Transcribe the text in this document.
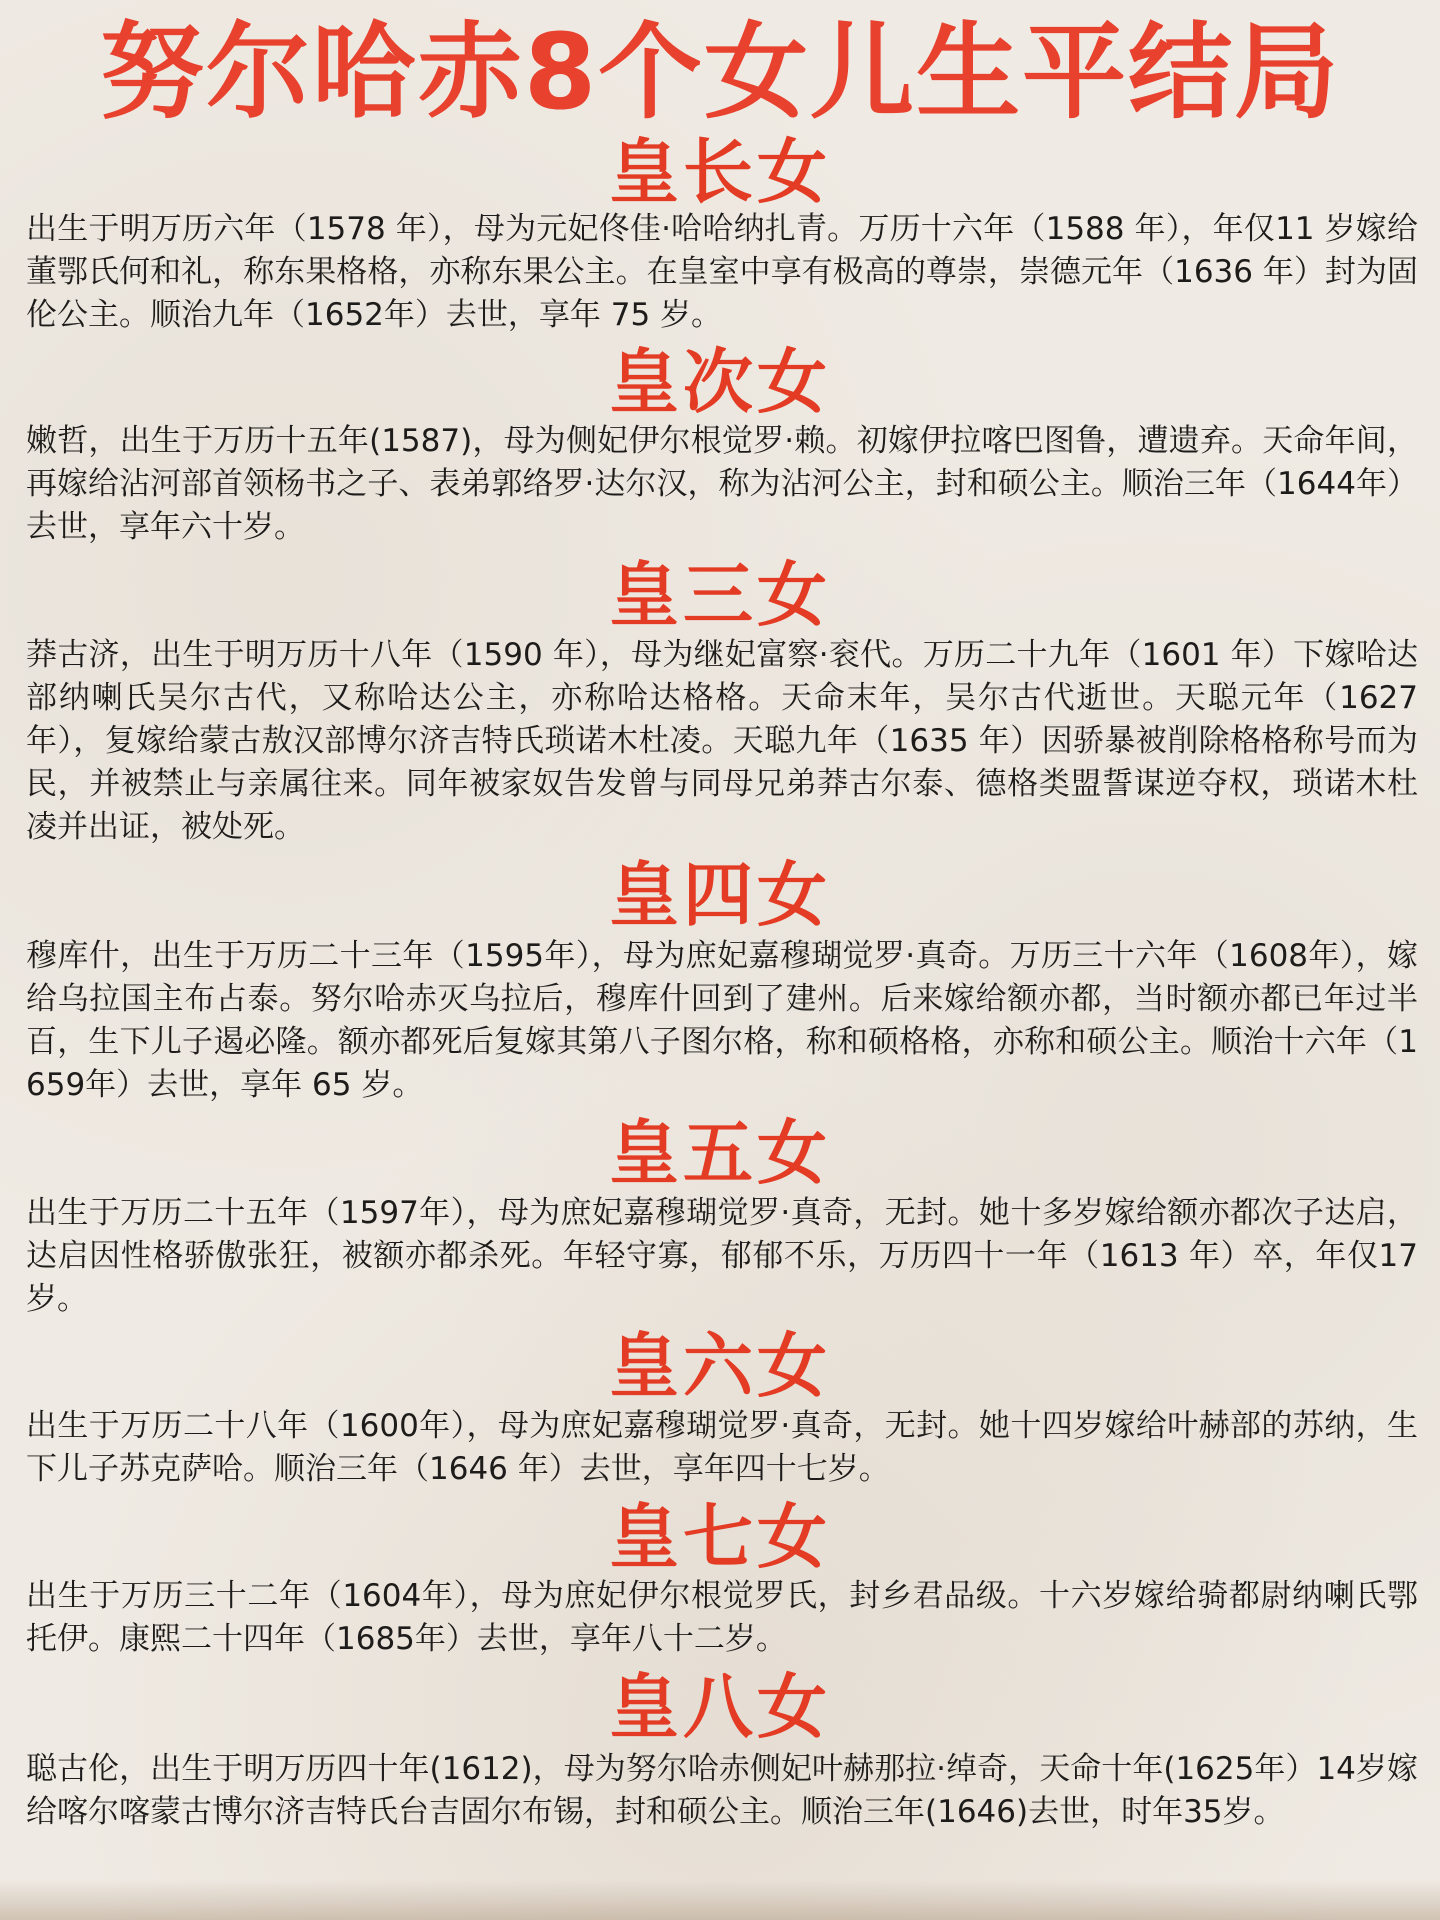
努尔哈赤8个女儿生平结局
皇长女

出生于明万历六年（1578 年），母为元妃佟佳·哈哈纳扎青。万历十六年（1588 年），年仅11 岁嫁给董鄂氏何和礼，称东果格格，亦称东果公主。在皇室中享有极高的尊崇，崇德元年（1636 年）封为固伦公主。顺治九年（1652年）去世，享年 75 岁。

皇次女

嫩哲，出生于万历十五年(1587)，母为侧妃伊尔根觉罗·赖。初嫁伊拉喀巴图鲁，遭遗弃。天命年间，再嫁给沾河部首领杨书之子、表弟郭络罗·达尔汉，称为沾河公主，封和硕公主。顺治三年（1644年）去世，享年六十岁。

皇三女

莽古济，出生于明万历十八年（1590 年），母为继妃富察·衮代。万历二十九年（1601 年）下嫁哈达部纳喇氏吴尔古代，又称哈达公主，亦称哈达格格。天命末年，吴尔古代逝世。天聪元年（1627 年），复嫁给蒙古敖汉部博尔济吉特氏琐诺木杜凌。天聪九年（1635 年）因骄暴被削除格格称号而为民，并被禁止与亲属往来。同年被家奴告发曾与同母兄弟莽古尔泰、德格类盟誓谋逆夺权，琐诺木杜凌并出证，被处死。

皇四女

穆库什，出生于万历二十三年（1595年），母为庶妃嘉穆瑚觉罗·真奇。万历三十六年（1608年），嫁给乌拉国主布占泰。努尔哈赤灭乌拉后，穆库什回到了建州。后来嫁给额亦都，当时额亦都已年过半百，生下儿子遏必隆。额亦都死后复嫁其第八子图尔格，称和硕格格，亦称和硕公主。顺治十六年（1659年）去世，享年 65 岁。

皇五女

出生于万历二十五年（1597年），母为庶妃嘉穆瑚觉罗·真奇，无封。她十多岁嫁给额亦都次子达启，达启因性格骄傲张狂，被额亦都杀死。年轻守寡，郁郁不乐，万历四十一年（1613 年）卒，年仅17岁。

皇六女

出生于万历二十八年（1600年），母为庶妃嘉穆瑚觉罗·真奇，无封。她十四岁嫁给叶赫部的苏纳，生下儿子苏克萨哈。顺治三年（1646 年）去世，享年四十七岁。

皇七女

出生于万历三十二年（1604年），母为庶妃伊尔根觉罗氏，封乡君品级。十六岁嫁给骑都尉纳喇氏鄂托伊。康熙二十四年（1685年）去世，享年八十二岁。

皇八女

聪古伦，出生于明万历四十年(1612)，母为努尔哈赤侧妃叶赫那拉·绰奇，天命十年(1625年）14岁嫁给喀尔喀蒙古博尔济吉特氏台吉固尔布锡，封和硕公主。顺治三年(1646)去世，时年35岁。
